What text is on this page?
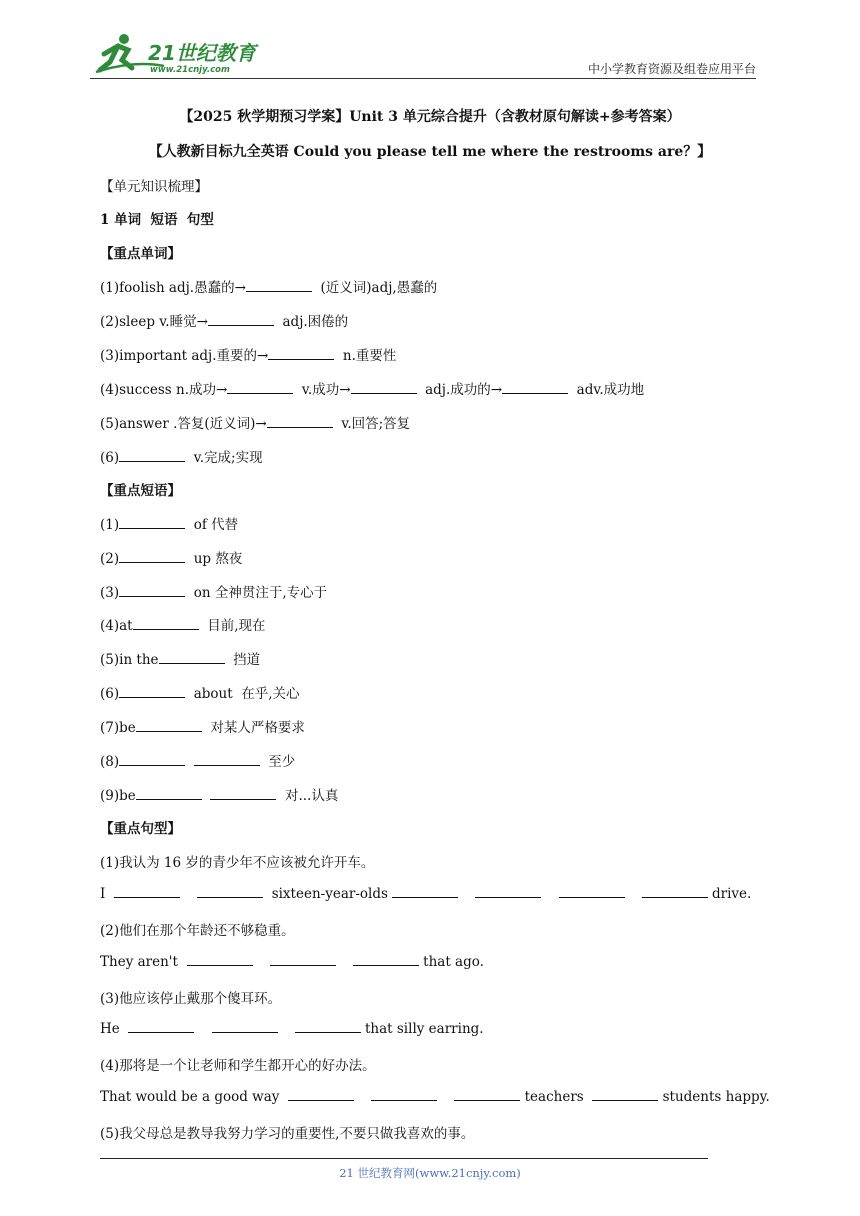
21世纪教育
www.21cnjy.com	中小学教育资源及组卷应用平台
【2025 秋学期预习学案】Unit 3 单元综合提升（含教材原句解读+参考答案）
【人教新目标九全英语 Could you please tell me where the restrooms are？】
【单元知识梳理】
1 单词  短语  句型
【重点单词】
(1)foolish adj.愚蠢的→	(近义词)adj,愚蠢的
(2)sleep v.睡觉→	adj.困倦的
(3)important adj.重要的→	n.重要性
(4)success n.成功→	v.成功→	adj.成功的→	adv.成功地
(5)answer .答复(近义词)→	v.回答;答复
(6)	v.完成;实现
【重点短语】
(1)	of 代替
(2)	up 熬夜
(3)	on 全神贯注于,专心于
(4)at	目前,现在
(5)in the	挡道
(6)	about  在乎,关心
(7)be	对某人严格要求
(8)	至少
(9)be	对...认真
【重点句型】
(1)我认为 16 岁的青少年不应该被允许开车。
I	sixteen-year-olds	drive.
(2)他们在那个年龄还不够稳重。
They aren't	that ago.
(3)他应该停止戴那个傻耳环。
He	that silly earring.
(4)那将是一个让老师和学生都开心的好办法。
That would be a good way	teachers	students happy.
(5)我父母总是教导我努力学习的重要性,不要只做我喜欢的事。
21 世纪教育网(www.21cnjy.com)
